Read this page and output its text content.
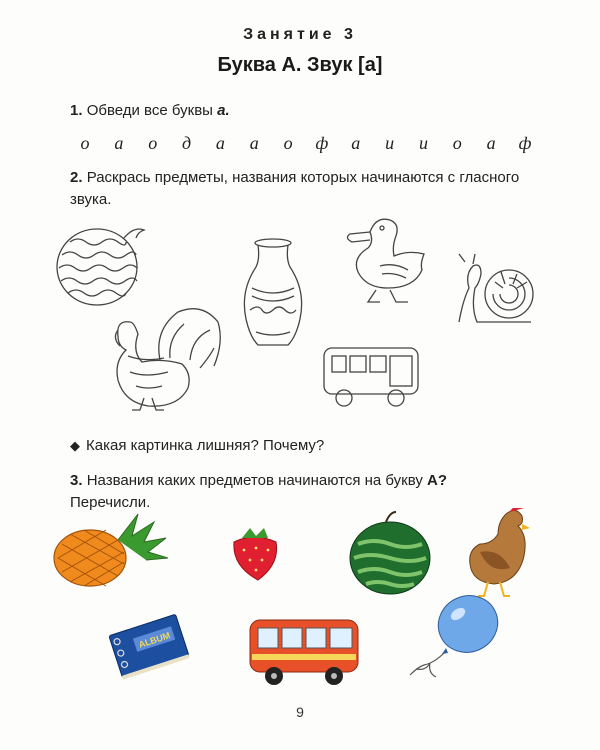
Занятие 3
Буква А. Звук [а]
1. Обведи все буквы а.
о	а	о	д	а	а	о	ф	а	и	и	о	а	ф
2. Раскрась предметы, названия которых начинаются с гласного звука.
◆ Какая картинка лишняя? Почему?
3. Названия каких предметов начинаются на букву А?
Перечисли.
ALBUM
9
